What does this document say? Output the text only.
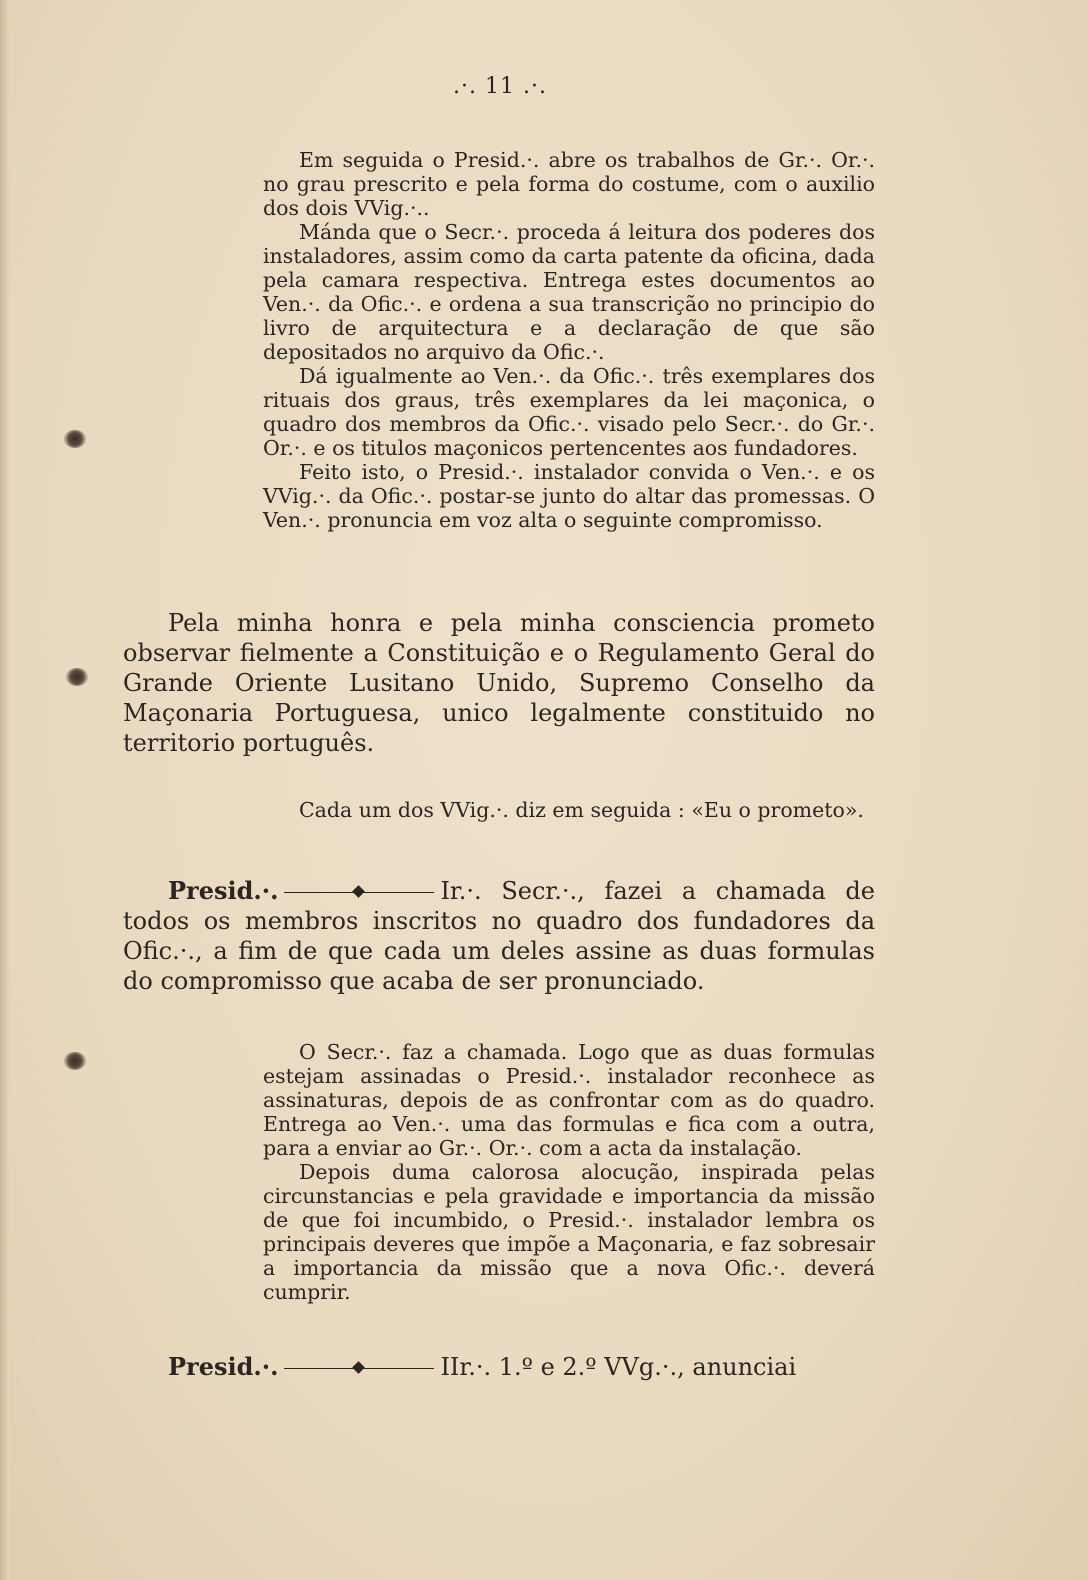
.·. 11 .·.

Em seguida o Presid.·. abre os trabalhos de Gr.·. Or.·. no grau prescrito e pela forma do costume, com o auxilio dos dois VVig.·..

Mánda que o Secr.·. proceda á leitura dos poderes dos instaladores, assim como da carta patente da oficina, dada pela camara respectiva. Entrega estes documentos ao Ven.·. da Ofic.·. e ordena a sua transcrição no principio do livro de arquitectura e a declaração de que são depositados no arquivo da Ofic.·.

Dá igualmente ao Ven.·. da Ofic.·. três exemplares dos rituais dos graus, três exemplares da lei maçonica, o quadro dos membros da Ofic.·. visado pelo Secr.·. do Gr.·. Or.·. e os titulos maçonicos pertencentes aos fundadores.

Feito isto, o Presid.·. instalador convida o Ven.·. e os VVig.·. da Ofic.·. postar-se junto do altar das promessas. O Ven.·. pronuncia em voz alta o seguinte compromisso.

Pela minha honra e pela minha consciencia prometo observar fielmente a Constituição e o Regulamento Geral do Grande Oriente Lusitano Unido, Supremo Conselho da Maçonaria Portuguesa, unico legalmente constituido no territorio português.

Cada um dos VVig.·. diz em seguida : «Eu o prometo».

Presid.·.	Ir.·. Secr.·., fazei a chamada de todos os membros inscritos no quadro dos fundadores da Ofic.·., a fim de que cada um deles assine as duas formulas do compromisso que acaba de ser pronunciado.

O Secr.·. faz a chamada. Logo que as duas formulas estejam assinadas o Presid.·. instalador reconhece as assinaturas, depois de as confrontar com as do quadro. Entrega ao Ven.·. uma das formulas e fica com a outra, para a enviar ao Gr.·. Or.·. com a acta da instalação.

Depois duma calorosa alocução, inspirada pelas circunstancias e pela gravidade e importancia da missão de que foi incumbido, o Presid.·. instalador lembra os principais deveres que impõe a Maçonaria, e faz sobresair a importancia da missão que a nova Ofic.·. deverá cumprir.

Presid.·.	IIr.·. 1.º e 2.º VVg.·., anunciai
